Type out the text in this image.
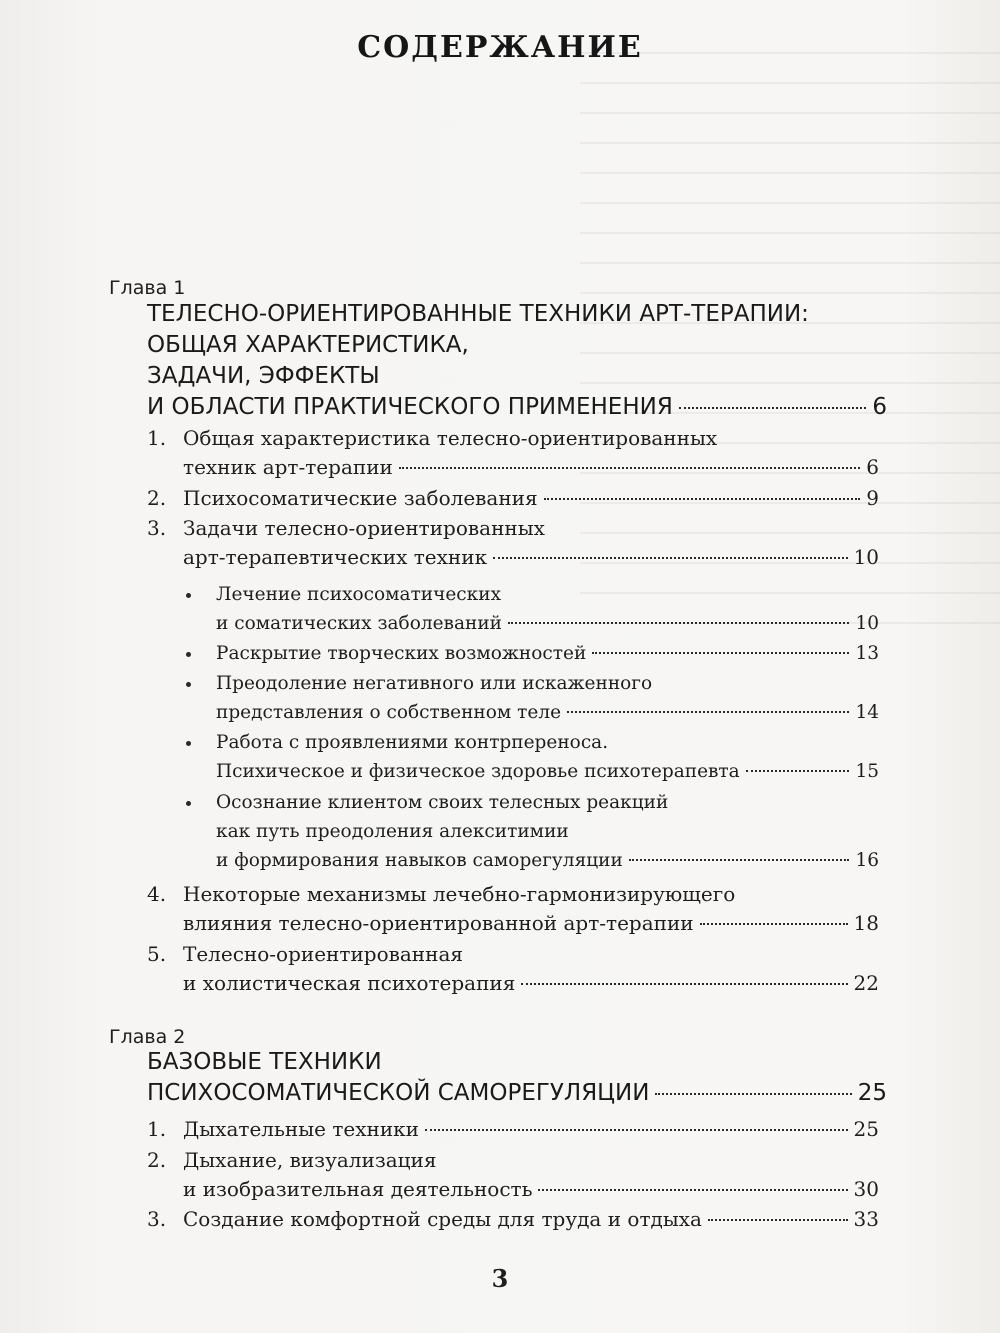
СОДЕРЖАНИЕ
Глава 1
ТЕЛЕСНО-ОРИЕНТИРОВАННЫЕ ТЕХНИКИ АРТ-ТЕРАПИИ:
ОБЩАЯ ХАРАКТЕРИСТИКА,
ЗАДАЧИ, ЭФФЕКТЫ
И ОБЛАСТИ ПРАКТИЧЕСКОГО ПРИМЕНЕНИЯ	6
1. Общая характеристика телесно-ориентированных
техник арт-терапии	6
2. Психосоматические заболевания	9
3. Задачи телесно-ориентированных
арт-терапевтических техник	10
Лечение психосоматических
и соматических заболеваний	10
Раскрытие творческих возможностей	13
Преодоление негативного или искаженного
представления о собственном теле	14
Работа с проявлениями контрпереноса.
Психическое и физическое здоровье психотерапевта	15
Осознание клиентом своих телесных реакций
как путь преодоления алекситимии
и формирования навыков саморегуляции	16
4. Некоторые механизмы лечебно-гармонизирующего
влияния телесно-ориентированной арт-терапии	18
5. Телесно-ориентированная
и холистическая психотерапия	22
Глава 2
БАЗОВЫЕ ТЕХНИКИ
ПСИХОСОМАТИЧЕСКОЙ САМОРЕГУЛЯЦИИ	25
1. Дыхательные техники	25
2. Дыхание, визуализация
и изобразительная деятельность	30
3. Создание комфортной среды для труда и отдыха	33
3
